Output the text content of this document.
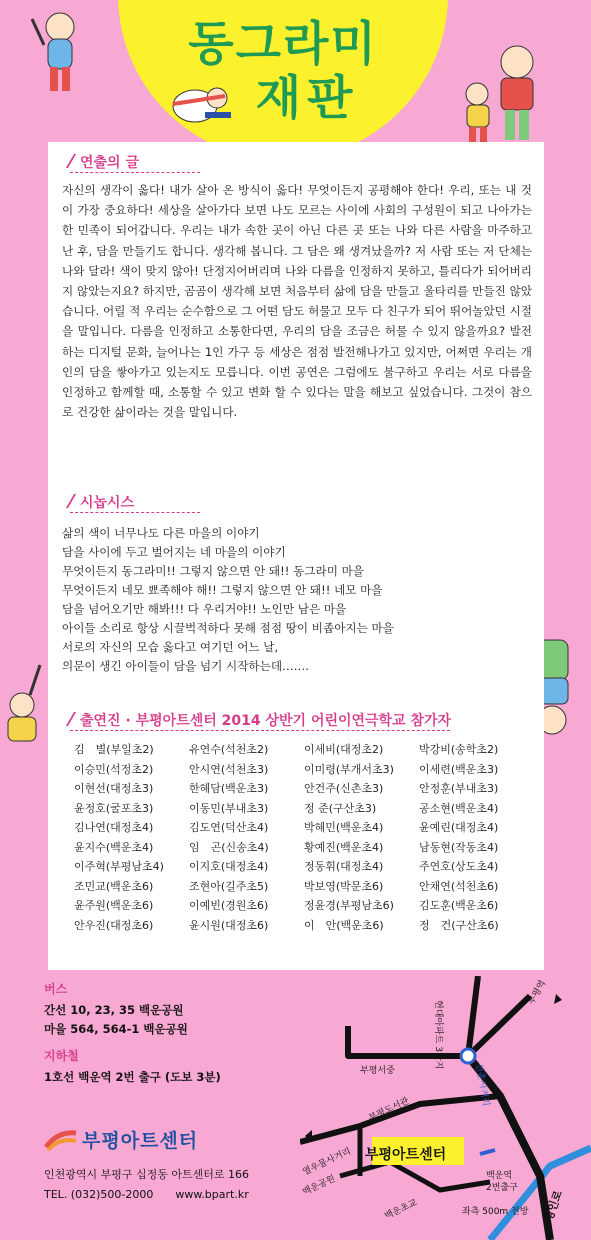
동그라미
재판
연출의 글

자신의 생각이 옳다! 내가 살아 온 방식이 옳다! 무엇이든지 공평해야 한다! 우리, 또는 내 것이 가장 중요하다! 세상을 살아가다 보면 나도 모르는 사이에 사회의 구성원이 되고 나아가는 한 민족이 되어갑니다. 우리는 내가 속한 곳이 아닌 다른 곳 또는 나와 다른 사람을 마주하고 난 후, 담을 만들기도 합니다. 생각해 봅니다. 그 담은 왜 생겨났을까? 저 사람 또는 저 단체는 나와 달라! 색이 맞지 않아! 단정지어버리며 나와 다름을 인정하지 못하고, 틀리다가 되어버리지 않았는지요? 하지만, 곰곰이 생각해 보면 처음부터 삶에 담을 만들고 울타리를 만들진 않았습니다. 어릴 적 우리는 순수함으로 그 어떤 담도 허물고 모두 다 친구가 되어 뛰어놀았던 시절을 말입니다. 다름을 인정하고 소통한다면, 우리의 담을 조금은 허물 수 있지 않을까요? 발전하는 디지털 문화, 늘어나는 1인 가구 등 세상은 점점 발전해나가고 있지만, 어쩌면 우리는 개인의 담을 쌓아가고 있는지도 모릅니다. 이번 공연은 그럼에도 불구하고 우리는 서로 다름을 인정하고 함께할 때, 소통할 수 있고 변화 할 수 있다는 말을 해보고 싶었습니다. 그것이 참으로 건강한 삶이라는 것을 말입니다.

시놉시스
삶의 색이 너무나도 다른 마을의 이야기
담을 사이에 두고 벌어지는 네 마을의 이야기
무엇이든지 동그라미!! 그렇지 않으면 안 돼!! 동그라미 마을
무엇이든지 네모 뾰족해야 해!! 그렇지 않으면 안 돼!! 네모 마을
담을 넘어오기만 해봐!!! 다 우리거야!! 노인만 남은 마을
아이들 소리로 항상 시끌벅적하다 못해 점점 땅이 비좁아지는 마을
서로의 자신의 모습 옳다고 여기던 어느 날,
의문이 생긴 아이들이 담을 넘기 시작하는데…….
출연진 · 부평아트센터 2014 상반기 어린이연극학교 참가자
김　별(부일초2)	유연수(석천초2)	이세비(대정초2)	박강비(송학초2)
이승민(석정초2)	안시연(석천초3)	이미령(부개서초3)	이세련(백운초3)
이현선(대정초3)	한혜담(백운초3)	안건주(신촌초3)	안정훈(부내초3)
윤정호(굴포초3)	이동민(부내초3)	정 준(구산초3)	공소현(백운초4)
김나연(대정초4)	김도연(덕산초4)	박혜민(백운초4)	윤예린(대정초4)
윤지수(백운초4)	임　곤(신송초4)	황예진(백운초4)	남동현(작동초4)
이주혁(부평남초4)	이지호(대정초4)	정동휘(대정초4)	주연호(상도초4)
조민교(백운초6)	조현아(길주초5)	박보영(박문초6)	안채연(석천초6)
윤주원(백운초6)	이예빈(경원초6)	정윤경(부평남초6)	김도훈(백운초6)
안우진(대정초6)	윤시원(대정초6)	이　안(백운초6)	정　건(구산초6)
버스
간선 10, 23, 35 백운공원
마을 564, 564-1 백운공원
지하철
1호선 백운역 2번 출구 (도보 3분)
부평아트센터
인천광역시 부평구 십정동 아트센터로 166
TEL. (032)500-2000　　www.bpart.kr
부평아트센터
현대아파트 3단지
부평역
부평서중
부평도서관
열우물사거리
백운공원
백운초교
신촌사거리
경인로
백운역
2번출구
좌측 500m 전방
